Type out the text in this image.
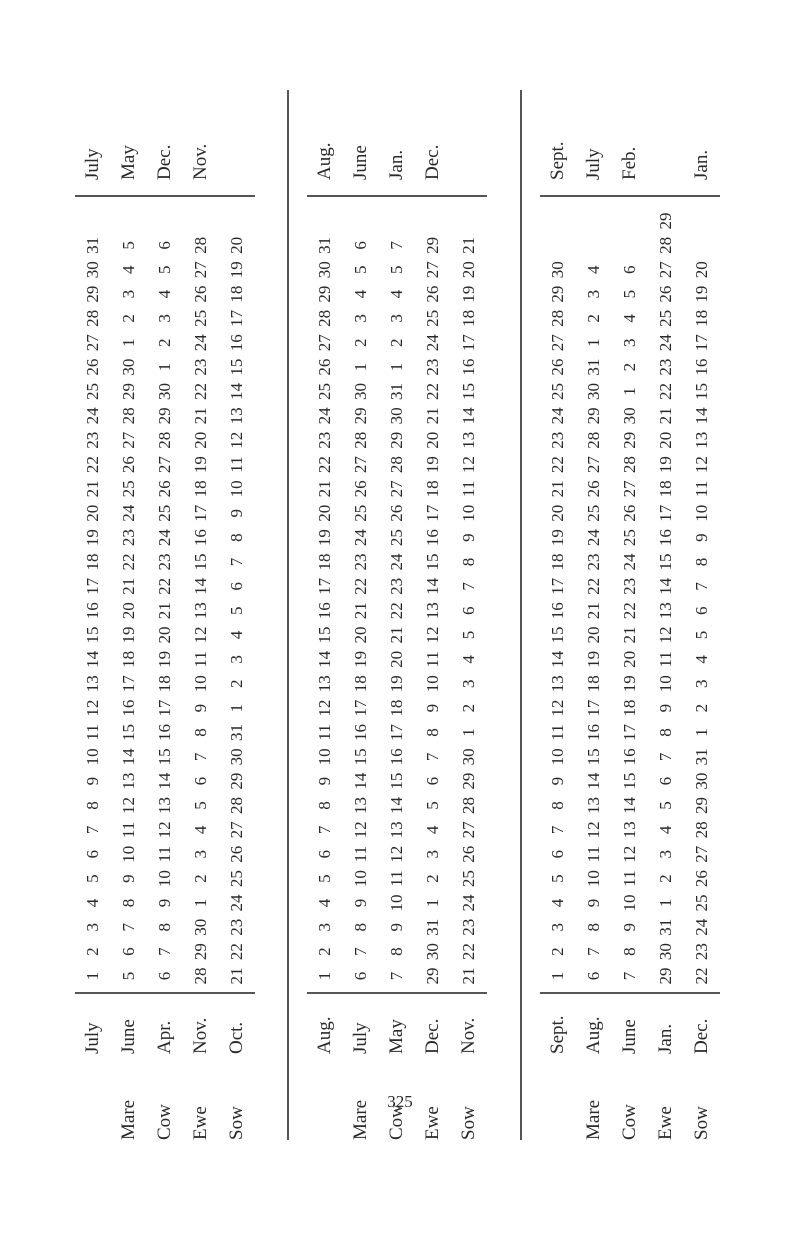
July
1
2
3
4
5
6
7
8
9
10
11
12
13
14
15
16
17
18
19
20
21
22
23
24
25
26
27
28
29
30
31
July
Mare
June
5
6
7
8
9
10
11
12
13
14
15
16
17
18
19
20
21
22
23
24
25
26
27
28
29
30
1
2
3
4
5
May
Cow
Apr.
6
7
8
9
10
11
12
13
14
15
16
17
18
19
20
21
22
23
24
25
26
27
28
29
30
1
2
3
4
5
6
Dec.
Ewe
Nov.
28
29
30
1
2
3
4
5
6
7
8
9
10
11
12
13
14
15
16
17
18
19
20
21
22
23
24
25
26
27
28
Nov.
Sow
Oct.
21
22
23
24
25
26
27
28
29
30
31
1
2
3
4
5
6
7
8
9
10
11
12
13
14
15
16
17
18
19
20
Aug.
1
2
3
4
5
6
7
8
9
10
11
12
13
14
15
16
17
18
19
20
21
22
23
24
25
26
27
28
29
30
31
Aug.
Mare
July
6
7
8
9
10
11
12
13
14
15
16
17
18
19
20
21
22
23
24
25
26
27
28
29
30
1
2
3
4
5
6
June
Cow
May
7
8
9
10
11
12
13
14
15
16
17
18
19
20
21
22
23
24
25
26
27
28
29
30
31
1
2
3
4
5
7
Jan.
Ewe
Dec.
29
30
31
1
2
3
4
5
6
7
8
9
10
11
12
13
14
15
16
17
18
19
20
21
22
23
24
25
26
27
29
Dec.
Sow
Nov.
21
22
23
24
25
26
27
28
29
30
1
2
3
4
5
6
7
8
9
10
11
12
13
14
15
16
17
18
19
20
21
Sept.
1
2
3
4
5
6
7
8
9
10
11
12
13
14
15
16
17
18
19
20
21
22
23
24
25
26
27
28
29
30
Sept.
Mare
Aug.
6
7
8
9
10
11
12
13
14
15
16
17
18
19
20
21
22
23
24
25
26
27
28
29
30
31
1
2
3
4
July
Cow
June
7
8
9
10
11
12
13
14
15
16
17
18
19
20
21
22
23
24
25
26
27
28
29
30
1
2
3
4
5
6
Feb.
Ewe
Jan.
29
30
31
1
2
3
4
5
6
7
8
9
10
11
12
13
14
15
16
17
18
19
20
21
22
23
24
25
26
27
28
29
Sow
Dec.
22
23
24
25
26
27
28
29
30
31
1
2
3
4
5
6
7
8
9
10
11
12
13
14
15
16
17
18
19
20
Jan.
325
